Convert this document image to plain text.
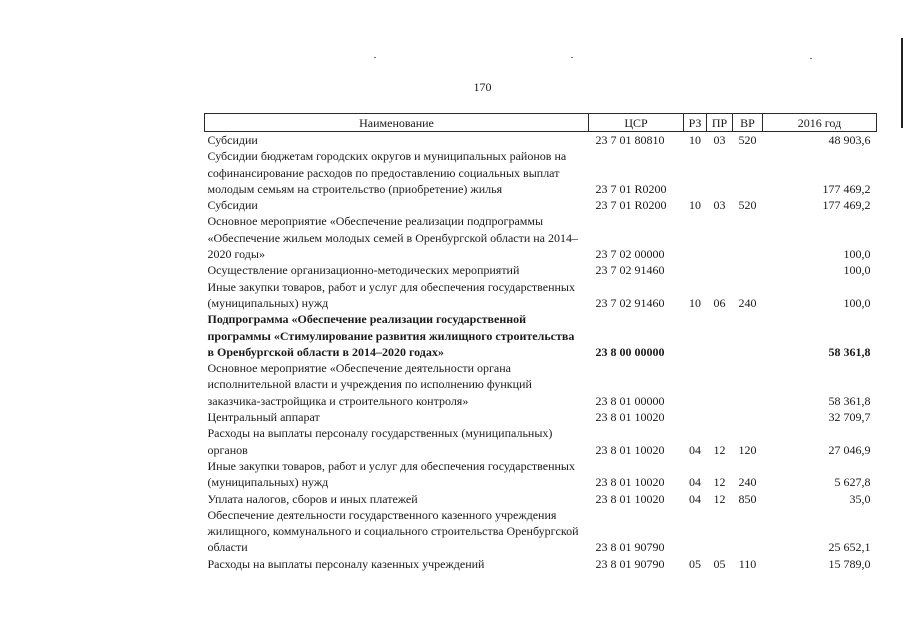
170
Наименование	ЦСР	РЗ	ПР	ВР	2016 год
Субсидии	23 7 01 80810	10	03	520	48 903,6
Субсидии бюджетам городских округов и муниципальных районов на софинансирование расходов по предоставлению социальных выплат молодым семьям на строительство (приобретение) жилья	23 7 01 R0200				177 469,2
Субсидии	23 7 01 R0200	10	03	520	177 469,2
Основное мероприятие «Обеспечение реализации подпрограммы «Обеспечение жильем молодых семей в Оренбургской области на 2014–2020 годы»	23 7 02 00000				100,0
Осуществление организационно-методических мероприятий	23 7 02 91460				100,0
Иные закупки товаров, работ и услуг для обеспечения государственных (муниципальных) нужд	23 7 02 91460	10	06	240	100,0
Подпрограмма «Обеспечение реализации государственной программы «Стимулирование развития жилищного строительства в Оренбургской области в 2014–2020 годах»	23 8 00 00000				58 361,8
Основное мероприятие «Обеспечение деятельности органа исполнительной власти и учреждения по исполнению функций заказчика-застройщика и строительного контроля»	23 8 01 00000				58 361,8
Центральный аппарат	23 8 01 10020				32 709,7
Расходы на выплаты персоналу государственных (муниципальных) органов	23 8 01 10020	04	12	120	27 046,9
Иные закупки товаров, работ и услуг для обеспечения государственных (муниципальных) нужд	23 8 01 10020	04	12	240	5 627,8
Уплата налогов, сборов и иных платежей	23 8 01 10020	04	12	850	35,0
Обеспечение деятельности государственного казенного учреждения жилищного, коммунального и социального строительства Оренбургской области	23 8 01 90790				25 652,1
Расходы на выплаты персоналу казенных учреждений	23 8 01 90790	05	05	110	15 789,0
